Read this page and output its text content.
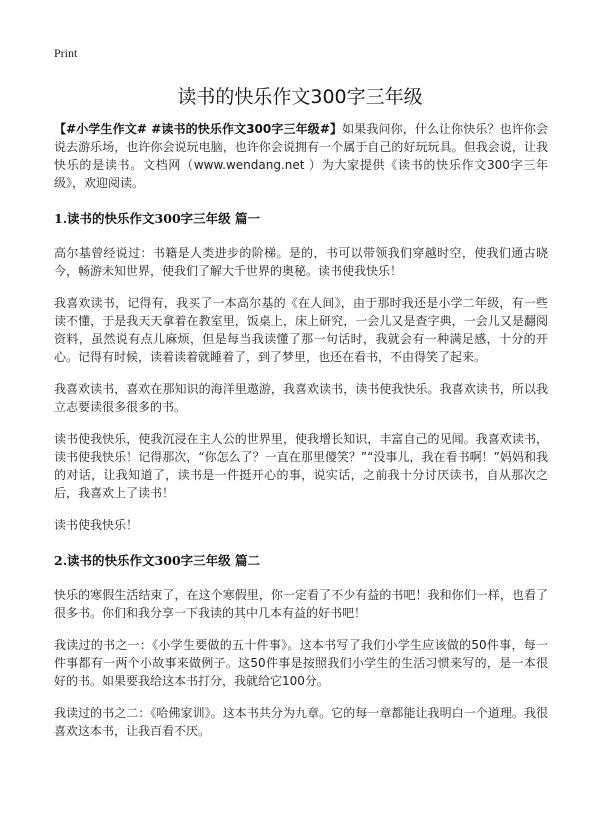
Print
读书的快乐作文300字三年级

【#小学生作文# #读书的快乐作文300字三年级#】如果我问你，什么让你快乐？也许你会说去游乐场，也许你会说玩电脑，也许你会说拥有一个属于自己的好玩玩具。但我会说，让我快乐的是读书。文档网（www.wendang.net ）为大家提供《读书的快乐作文300字三年级》，欢迎阅读。

1.读书的快乐作文300字三年级 篇一

高尔基曾经说过：书籍是人类进步的阶梯。是的，书可以带领我们穿越时空，使我们通古晓今，畅游未知世界，使我们了解大千世界的奥秘。读书使我快乐！

我喜欢读书，记得有，我买了一本高尔基的《在人间》，由于那时我还是小学二年级，有一些读不懂，于是我天天拿着在教室里，饭桌上，床上研究，一会儿又是查字典，一会儿又是翻阅资料，虽然说有点儿麻烦，但是每当我读懂了那一句话时，我就会有一种满足感，十分的开心。记得有时候，读着读着就睡着了，到了梦里，也还在看书，不由得笑了起来。

我喜欢读书，喜欢在那知识的海洋里遨游，我喜欢读书，读书使我快乐。我喜欢读书，所以我立志要读很多很多的书。

读书使我快乐，使我沉浸在主人公的世界里，使我增长知识，丰富自己的见闻。我喜欢读书，读书使我快乐！记得那次，“你怎么了？一直在那里傻笑？”“没事儿，我在看书啊！”妈妈和我的对话，让我知道了，读书是一件挺开心的事，说实话，之前我十分讨厌读书，自从那次之后，我喜欢上了读书！

读书使我快乐！

2.读书的快乐作文300字三年级 篇二

快乐的寒假生活结束了，在这个寒假里，你一定看了不少有益的书吧！我和你们一样，也看了很多书。你们和我分享一下我读的其中几本有益的好书吧！

我读过的书之一：《小学生要做的五十件事》。这本书写了我们小学生应该做的50件事，每一件事都有一两个小故事来做例子。这50件事是按照我们小学生的生活习惯来写的，是一本很好的书。如果要我给这本书打分，我就给它100分。

我读过的书之二：《哈佛家训》。这本书共分为九章。它的每一章都能让我明白一个道理。我很喜欢这本书，让我百看不厌。
